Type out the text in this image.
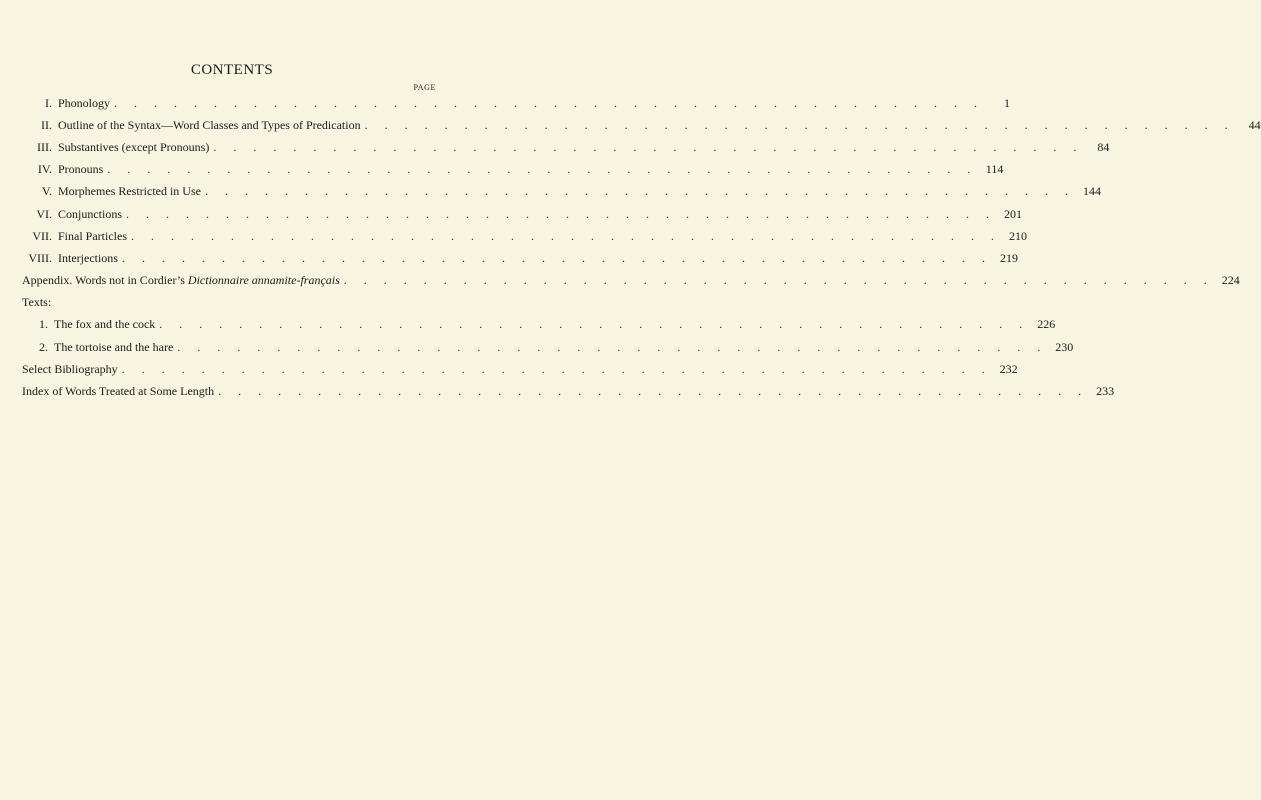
CONTENTS
PAGE
I. Phonology . . . . . . . . . . . . . . . . . . . . . . . . . . . . . . . . . . . . . . . . . . . .	1
II. Outline of the Syntax—Word Classes and Types of Predication . . . . . . . . . . . . . . . . . . . . . . . . . . . . . . . . . . . . . . . . . . . .	44
III. Substantives (except Pronouns) . . . . . . . . . . . . . . . . . . . . . . . . . . . . . . . . . . . . . . . . . . . .	84
IV. Pronouns . . . . . . . . . . . . . . . . . . . . . . . . . . . . . . . . . . . . . . . . . . . . 114
V. Morphemes Restricted in Use . . . . . . . . . . . . . . . . . . . . . . . . . . . . . . . . . . . . . . . . . . . . 144
VI. Conjunctions . . . . . . . . . . . . . . . . . . . . . . . . . . . . . . . . . . . . . . . . . . . . 201
VII. Final Particles . . . . . . . . . . . . . . . . . . . . . . . . . . . . . . . . . . . . . . . . . . . . 210
VIII. Interjections . . . . . . . . . . . . . . . . . . . . . . . . . . . . . . . . . . . . . . . . . . . . 219
Appendix. Words not in Cordier’s Dictionnaire annamite-français . . . . . . . . . . . . . . . . . . . . . . . . . . . . . . . . . . . . . . . . . . . . 224
Texts:
1. The fox and the cock . . . . . . . . . . . . . . . . . . . . . . . . . . . . . . . . . . . . . . . . . . . . 226
2. The tortoise and the hare . . . . . . . . . . . . . . . . . . . . . . . . . . . . . . . . . . . . . . . . . . . . 230
Select Bibliography . . . . . . . . . . . . . . . . . . . . . . . . . . . . . . . . . . . . . . . . . . . . 232
Index of Words Treated at Some Length . . . . . . . . . . . . . . . . . . . . . . . . . . . . . . . . . . . . . . . . . . . . 233
